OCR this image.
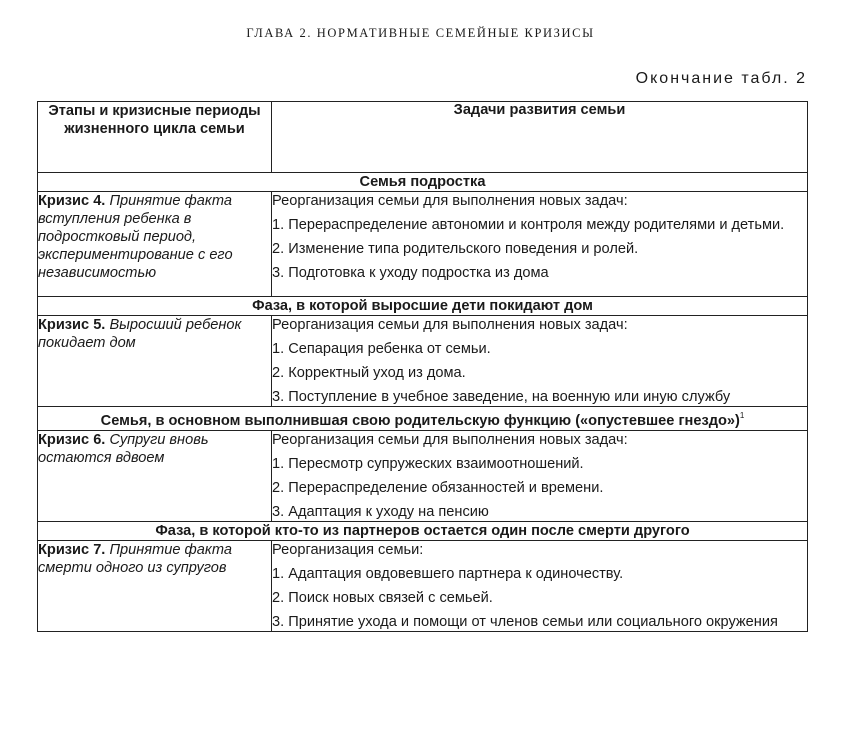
ГЛАВА 2. НОРМАТИВНЫЕ СЕМЕЙНЫЕ КРИЗИСЫ
Окончание табл. 2
Этапы и кризисные периоды жизненного цикла семьи	Задачи развития семьи
Семья подростка	
Кризис 4. Принятие факта вступления ребенка в подростковый период, экспериментирование с его независимостью	Реорганизация семьи для выполнения новых задач:
1. Перераспределение автономии и контроля между родителями и детьми.
2. Изменение типа родительского поведения и ролей.
3. Подготовка к уходу подростка из дома

Фаза, в которой выросшие дети покидают дом	
Кризис 5. Выросший ребенок покидает дом	Реорганизация семьи для выполнения новых задач:
1. Сепарация ребенка от семьи.
2. Корректный уход из дома.
3. Поступление в учебное заведение, на военную или иную службу

Семья, в основном выполнившая свою родительскую функцию («опустевшее гнездо»)$^1$
Кризис 6. Супруги вновь остаются вдвоем	Реорганизация семьи для выполнения новых задач:
1. Пересмотр супружеских взаимоотношений.
2. Перераспределение обязанностей и времени.
3. Адаптация к уходу на пенсию

Фаза, в которой кто-то из партнеров остается один после смерти другого	
Кризис 7. Принятие факта смерти одного из супругов	Реорганизация семьи:
1. Адаптация овдовевшего партнера к одиночеству.
2. Поиск новых связей с семьей.
3. Принятие ухода и помощи от членов семьи или социального окружения
